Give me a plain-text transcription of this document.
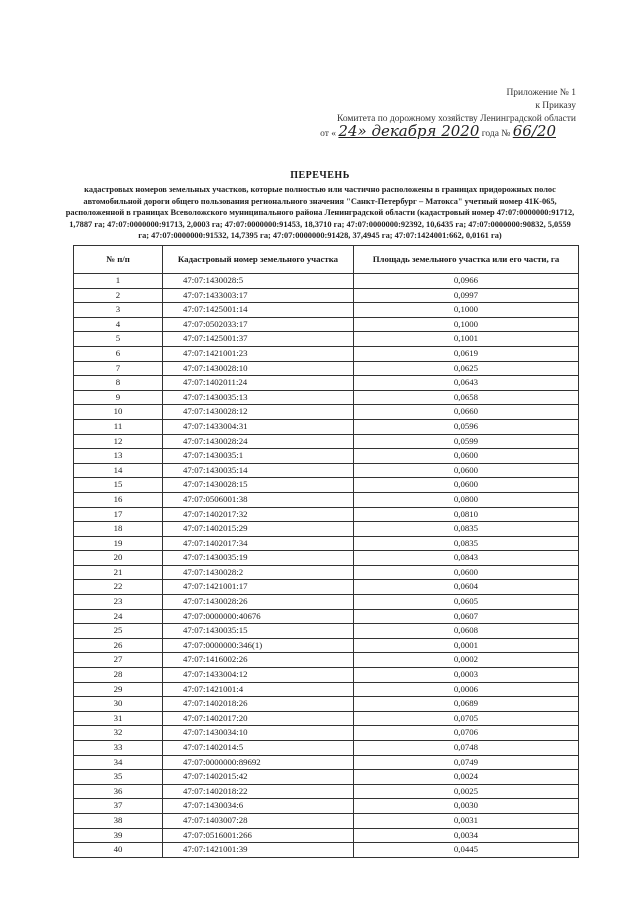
Приложение № 1
к Приказу
Комитета по дорожному хозяйству Ленинградской области
от « 24» декабря 2020 года № 66/20
ПЕРЕЧЕНЬ
кадастровых номеров земельных участков, которые полностью или частично расположены в границах придорожных полос автомобильной дороги общего пользования регионального значения "Санкт-Петербург – Матокса" учетный номер 41К-065, расположенной в границах Всеволожского муниципального района Ленинградской области (кадастровый номер 47:07:0000000:91712, 1,7887 га; 47:07:0000000:91713, 2,0003 га; 47:07:0000000:91453, 18,3710 га; 47:07:0000000:92392, 10,6435 га; 47:07:0000000:90832, 5,0559 га; 47:07:0000000:91532, 14,7395 га; 47:07:0000000:91428, 37,4945 га; 47:07:1424001:662, 0,0161 га)
№ п/п	Кадастровый номер земельного участка	Площадь земельного участка или его части, га
1	47:07:1430028:5	0,0966
2	47:07:1433003:17	0,0997
3	47:07:1425001:14	0,1000
4	47:07:0502033:17	0,1000
5	47:07:1425001:37	0,1001
6	47:07:1421001:23	0,0619
7	47:07:1430028:10	0,0625
8	47:07:1402011:24	0,0643
9	47:07:1430035:13	0,0658
10	47:07:1430028:12	0,0660
11	47:07:1433004:31	0,0596
12	47:07:1430028:24	0,0599
13	47:07:1430035:1	0,0600
14	47:07:1430035:14	0,0600
15	47:07:1430028:15	0,0600
16	47:07:0506001:38	0,0800
17	47:07:1402017:32	0,0810
18	47:07:1402015:29	0,0835
19	47:07:1402017:34	0,0835
20	47:07:1430035:19	0,0843
21	47:07:1430028:2	0,0600
22	47:07:1421001:17	0,0604
23	47:07:1430028:26	0,0605
24	47:07:0000000:40676	0,0607
25	47:07:1430035:15	0,0608
26	47:07:0000000:346(1)	0,0001
27	47:07:1416002:26	0,0002
28	47:07:1433004:12	0,0003
29	47:07:1421001:4	0,0006
30	47:07:1402018:26	0,0689
31	47:07:1402017:20	0,0705
32	47:07:1430034:10	0,0706
33	47:07:1402014:5	0,0748
34	47:07:0000000:89692	0,0749
35	47:07:1402015:42	0,0024
36	47:07:1402018:22	0,0025
37	47:07:1430034:6	0,0030
38	47:07:1403007:28	0,0031
39	47:07:0516001:266	0,0034
40	47:07:1421001:39	0,0445
